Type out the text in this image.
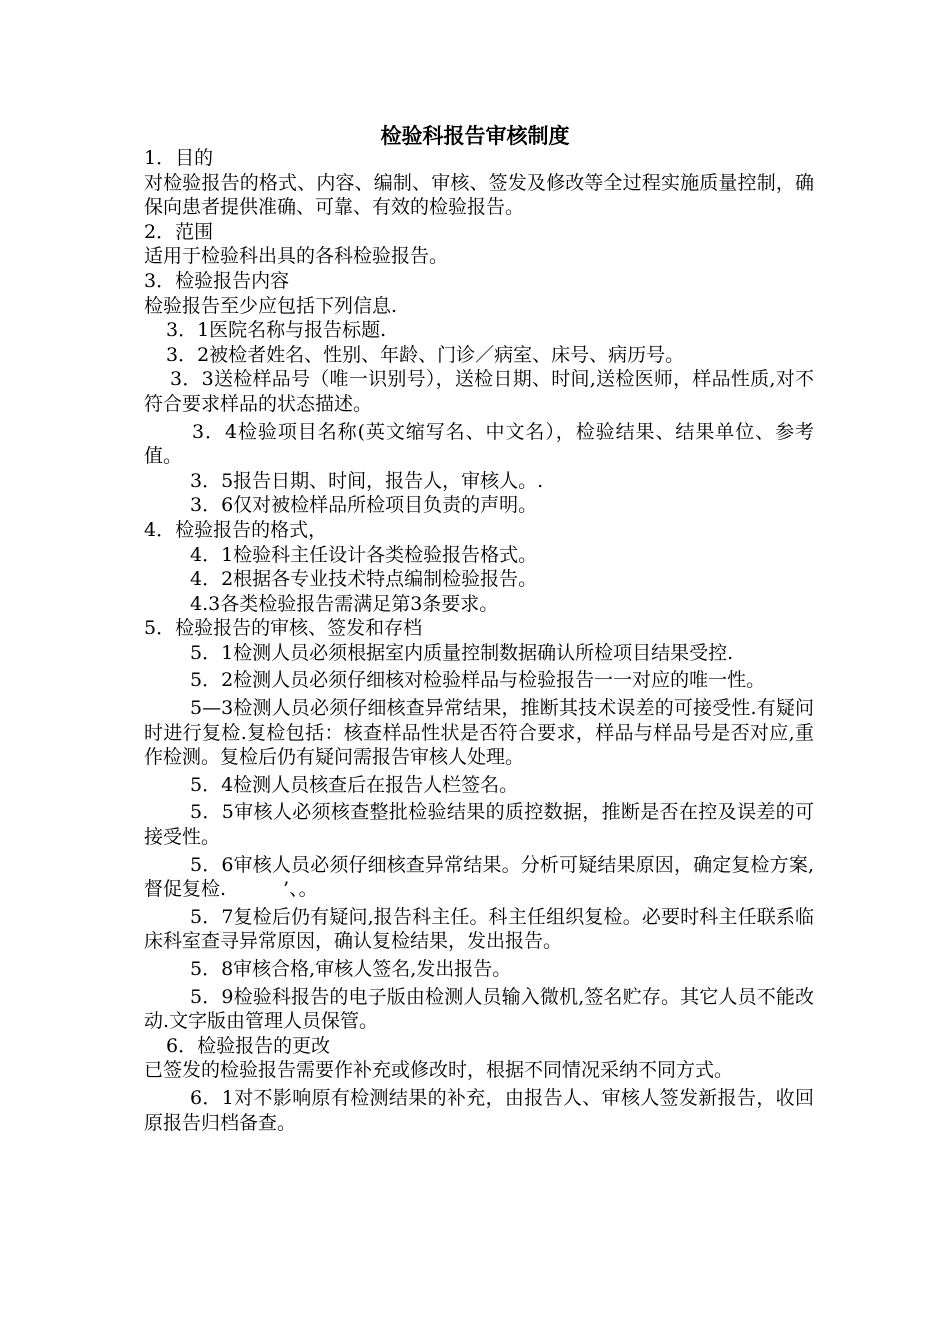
检验科报告审核制度

1．目的

对检验报告的格式、内容、编制、审核、签发及修改等全过程实施质量控制，确保向患者提供准确、可靠、有效的检验报告。

2．范围

适用于检验科出具的各科检验报告。

3．检验报告内容

检验报告至少应包括下列信息.

3．1医院名称与报告标题.

3．2被检者姓名、性别、年龄、门诊／病室、床号、病历号。

3．3送检样品号（唯一识别号），送检日期、时间,送检医师，样品性质,对不符合要求样品的状态描述。

3．4检验项目名称(英文缩写名、中文名），检验结果、结果单位、参考值。

3．5报告日期、时间，报告人，审核人。.

3．6仅对被检样品所检项目负责的声明。

4．检验报告的格式，

4．1检验科主任设计各类检验报告格式。

4．2根据各专业技术特点编制检验报告。

4.3各类检验报告需满足第3条要求。

5．检验报告的审核、签发和存档

5．1检测人员必须根据室内质量控制数据确认所检项目结果受控.

5．2检测人员必须仔细核对检验样品与检验报告一一对应的唯一性。

5—3检测人员必须仔细核查异常结果，推断其技术误差的可接受性.有疑问时进行复检.复检包括：核查样品性状是否符合要求，样品与样品号是否对应,重作检测。复检后仍有疑问需报告审核人处理。

5．4检测人员核查后在报告人栏签名。

5．5审核人必须核查整批检验结果的质控数据，推断是否在控及误差的可接受性。

5．6审核人员必须仔细核查异常结果。分析可疑结果原因，确定复检方案,督促复检.　　　’、。

5．7复检后仍有疑问,报告科主任。科主任组织复检。必要时科主任联系临床科室查寻异常原因，确认复检结果，发出报告。

5．8审核合格,审核人签名,发出报告。

5．9检验科报告的电子版由检测人员输入微机,签名贮存。其它人员不能改动.文字版由管理人员保管。

6．检验报告的更改

已签发的检验报告需要作补充或修改时，根据不同情况采纳不同方式。

6．1对不影响原有检测结果的补充，由报告人、审核人签发新报告，收回原报告归档备查。
